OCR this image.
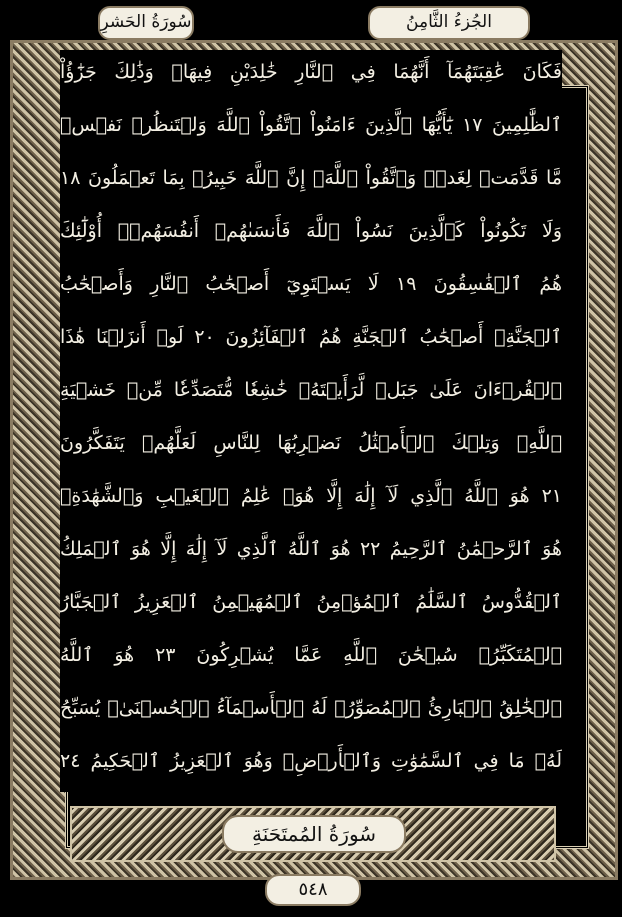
سُورَةُ الحَشرِ	الجُزءُ الثَّامِنُ
فَكَانَ عَٰقِبَتَهُمَآ أَنَّهُمَا فِي ٱلنَّارِ خَٰلِدَيْنِ فِيهَاۚ وَذَٰلِكَ جَزَٰٓؤُاْ
ٱلظَّٰلِمِينَ ١٧ يَٰٓأَيُّهَا ٱلَّذِينَ ءَامَنُواْ ٱتَّقُواْ ٱللَّهَ وَلۡتَنظُرۡ نَفۡسٞ
مَّا قَدَّمَتۡ لِغَدٖۖ وَٱتَّقُواْ ٱللَّهَۚ إِنَّ ٱللَّهَ خَبِيرُۢ بِمَا تَعۡمَلُونَ ١٨
وَلَا تَكُونُواْ كَٱلَّذِينَ نَسُواْ ٱللَّهَ فَأَنسَىٰهُمۡ أَنفُسَهُمۡۚ أُوْلَٰٓئِكَ
هُمُ ٱلۡفَٰسِقُونَ ١٩ لَا يَسۡتَوِيٓ أَصۡحَٰبُ ٱلنَّارِ وَأَصۡحَٰبُ
ٱلۡجَنَّةِۚ أَصۡحَٰبُ ٱلۡجَنَّةِ هُمُ ٱلۡفَآئِزُونَ ٢٠ لَوۡ أَنزَلۡنَا هَٰذَا
ٱلۡقُرۡءَانَ عَلَىٰ جَبَلٖ لَّرَأَيۡتَهُۥ خَٰشِعٗا مُّتَصَدِّعٗا مِّنۡ خَشۡيَةِ
ٱللَّهِۚ وَتِلۡكَ ٱلۡأَمۡثَٰلُ نَضۡرِبُهَا لِلنَّاسِ لَعَلَّهُمۡ يَتَفَكَّرُونَ
٢١ هُوَ ٱللَّهُ ٱلَّذِي لَآ إِلَٰهَ إِلَّا هُوَۖ عَٰلِمُ ٱلۡغَيۡبِ وَٱلشَّهَٰدَةِۖ
هُوَ ٱلرَّحۡمَٰنُ ٱلرَّحِيمُ ٢٢ هُوَ ٱللَّهُ ٱلَّذِي لَآ إِلَٰهَ إِلَّا هُوَ ٱلۡمَلِكُ
ٱلۡقُدُّوسُ ٱلسَّلَٰمُ ٱلۡمُؤۡمِنُ ٱلۡمُهَيۡمِنُ ٱلۡعَزِيزُ ٱلۡجَبَّارُ
ٱلۡمُتَكَبِّرُۚ سُبۡحَٰنَ ٱللَّهِ عَمَّا يُشۡرِكُونَ ٢٣ هُوَ ٱللَّهُ
ٱلۡخَٰلِقُ ٱلۡبَارِئُ ٱلۡمُصَوِّرُۖ لَهُ ٱلۡأَسۡمَآءُ ٱلۡحُسۡنَىٰۚ يُسَبِّحُ
لَهُۥ مَا فِي ٱلسَّمَٰوَٰتِ وَٱلۡأَرۡضِۖ وَهُوَ ٱلۡعَزِيزُ ٱلۡحَكِيمُ ٢٤
سُورَةُ المُمتَحَنَةِ
٥٤٨
